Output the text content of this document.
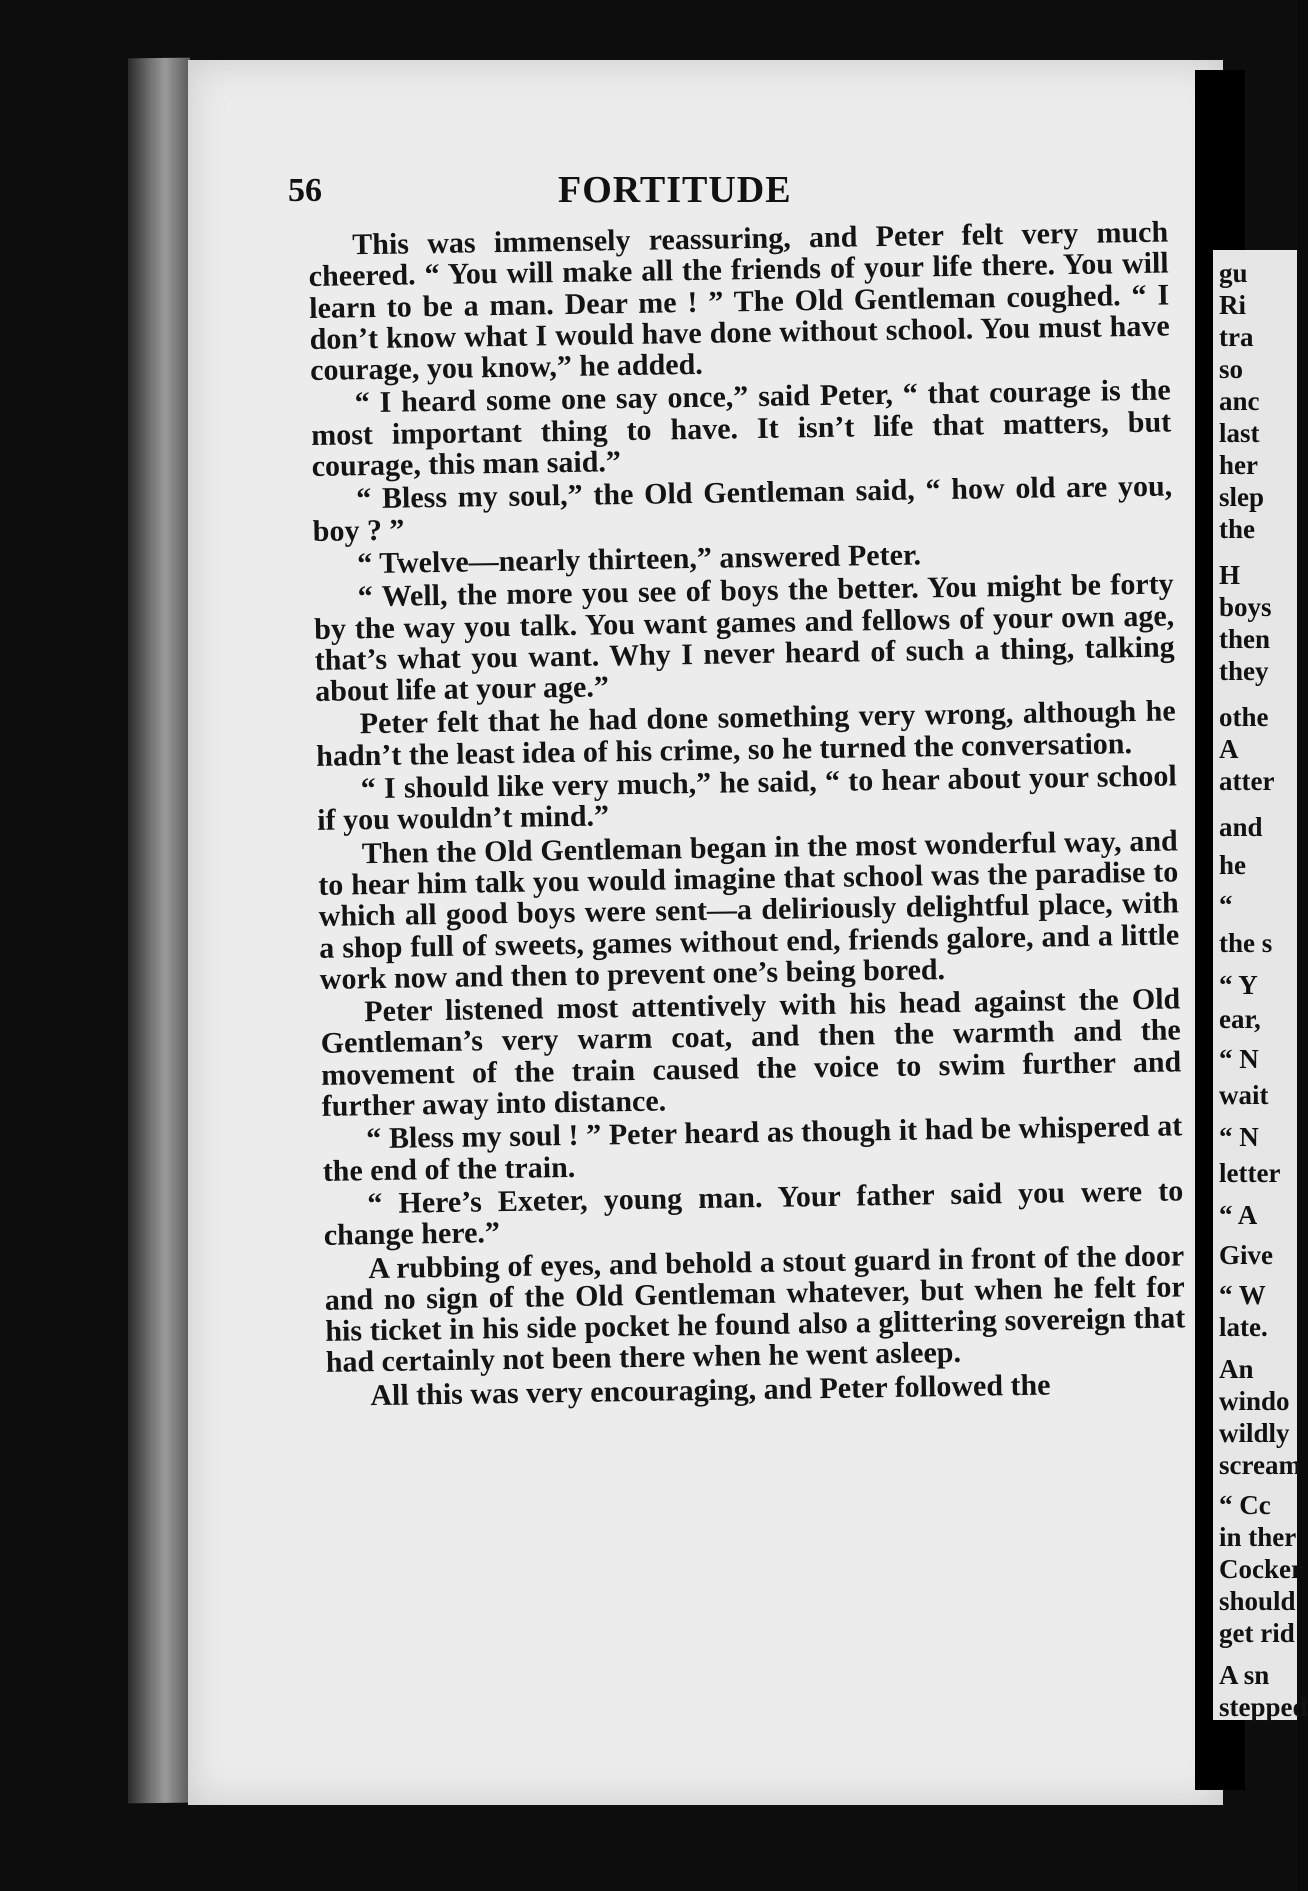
56	FORTITUDE

This was immensely reassuring, and Peter felt very much cheered. “ You will make all the friends of your life there. You will learn to be a man. Dear me ! ” The Old Gentleman coughed. “ I don’t know what I would have done without school. You must have courage, you know,” he added.

“ I heard some one say once,” said Peter, “ that courage is the most important thing to have. It isn’t life that matters, but courage, this man said.”

“ Bless my soul,” the Old Gentleman said, “ how old are you, boy ? ”

“ Twelve—nearly thirteen,” answered Peter.

“ Well, the more you see of boys the better. You might be forty by the way you talk. You want games and fellows of your own age, that’s what you want. Why I never heard of such a thing, talking about life at your age.”

Peter felt that he had done something very wrong, although he hadn’t the least idea of his crime, so he turned the conversation.

“ I should like very much,” he said, “ to hear about your school if you wouldn’t mind.”

Then the Old Gentleman began in the most wonderful way, and to hear him talk you would imagine that school was the paradise to which all good boys were sent—a deliriously delightful place, with a shop full of sweets, games without end, friends galore, and a little work now and then to prevent one’s being bored.

Peter listened most attentively with his head against the Old Gentleman’s very warm coat, and then the warmth and the movement of the train caused the voice to swim further and further away into distance.

“ Bless my soul ! ” Peter heard as though it had be whispered at the end of the train.

“ Here’s Exeter, young man. Your father said you were to change here.”

A rubbing of eyes, and behold a stout guard in front of the door and no sign of the Old Gentleman whatever, but when he felt for his ticket in his side pocket he found also a glittering sovereign that had certainly not been there when he went asleep.

All this was very encouraging, and Peter followed the

gu
Ri
tra
so
anc
last
her
slep
the
H
boys
then
they
othe
A
atter
and
he
“
the s
“ Y
ear,
“ N
wait
“ N
letter
“ A
Give
“ W
late.
An
windo
wildly
scream
“ Cc
in ther
Cocker
should
get rid
A sn
stepped
